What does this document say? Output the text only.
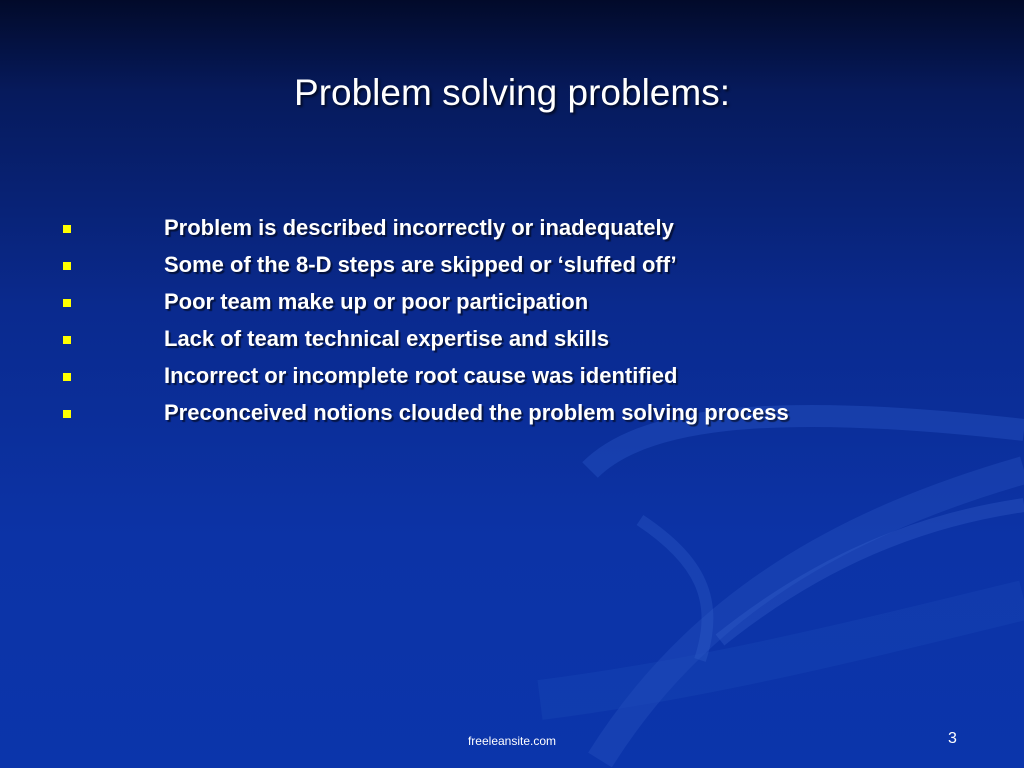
Problem solving problems:
Problem is described incorrectly or inadequately
Some of the 8-D steps are skipped or ‘sluffed off’
Poor team make up or poor participation
Lack of team technical expertise and skills
Incorrect or incomplete root cause was identified
Preconceived notions clouded the problem solving process
freeleansite.com	3
